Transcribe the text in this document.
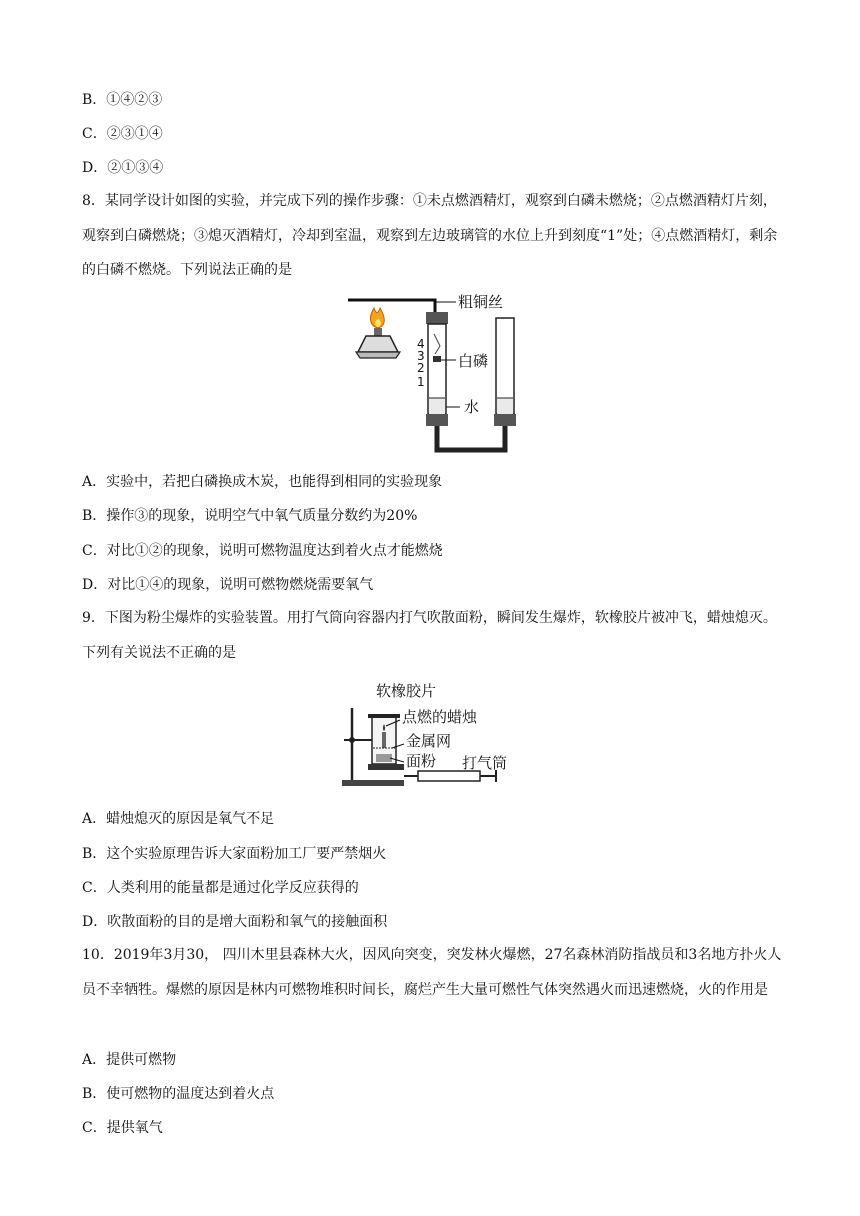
B．①④②③
C．②③①④
D．②①③④
8．某同学设计如图的实验，并完成下列的操作步骤：①未点燃酒精灯，观察到白磷未燃烧；②点燃酒精灯片刻，观察到白磷燃烧；③熄灭酒精灯，冷却到室温，观察到左边玻璃管的水位上升到刻度“1”处；④点燃酒精灯，剩余的白磷不燃烧。下列说法正确的是
粗铜丝
4
3
2
1
白磷
水
A．实验中，若把白磷换成木炭，也能得到相同的实验现象
B．操作③的现象，说明空气中氧气质量分数约为20%
C．对比①②的现象，说明可燃物温度达到着火点才能燃烧
D．对比①④的现象，说明可燃物燃烧需要氧气
9．下图为粉尘爆炸的实验装置。用打气筒向容器内打气吹散面粉，瞬间发生爆炸，软橡胶片被冲飞，蜡烛熄灭。下列有关说法不正确的是
软橡胶片
点燃的蜡烛
金属网
面粉 打气筒
A．蜡烛熄灭的原因是氧气不足
B．这个实验原理告诉大家面粉加工厂要严禁烟火
C．人类利用的能量都是通过化学反应获得的
D．吹散面粉的目的是增大面粉和氧气的接触面积
10．2019年3月30， 四川木里县森林大火，因风向突变，突发林火爆燃，27名森林消防指战员和3名地方扑火人员不幸牺牲。爆燃的原因是林内可燃物堆积时间长，腐烂产生大量可燃性气体突然遇火而迅速燃烧，火的作用是
A．提供可燃物
B．使可燃物的温度达到着火点
C．提供氧气
